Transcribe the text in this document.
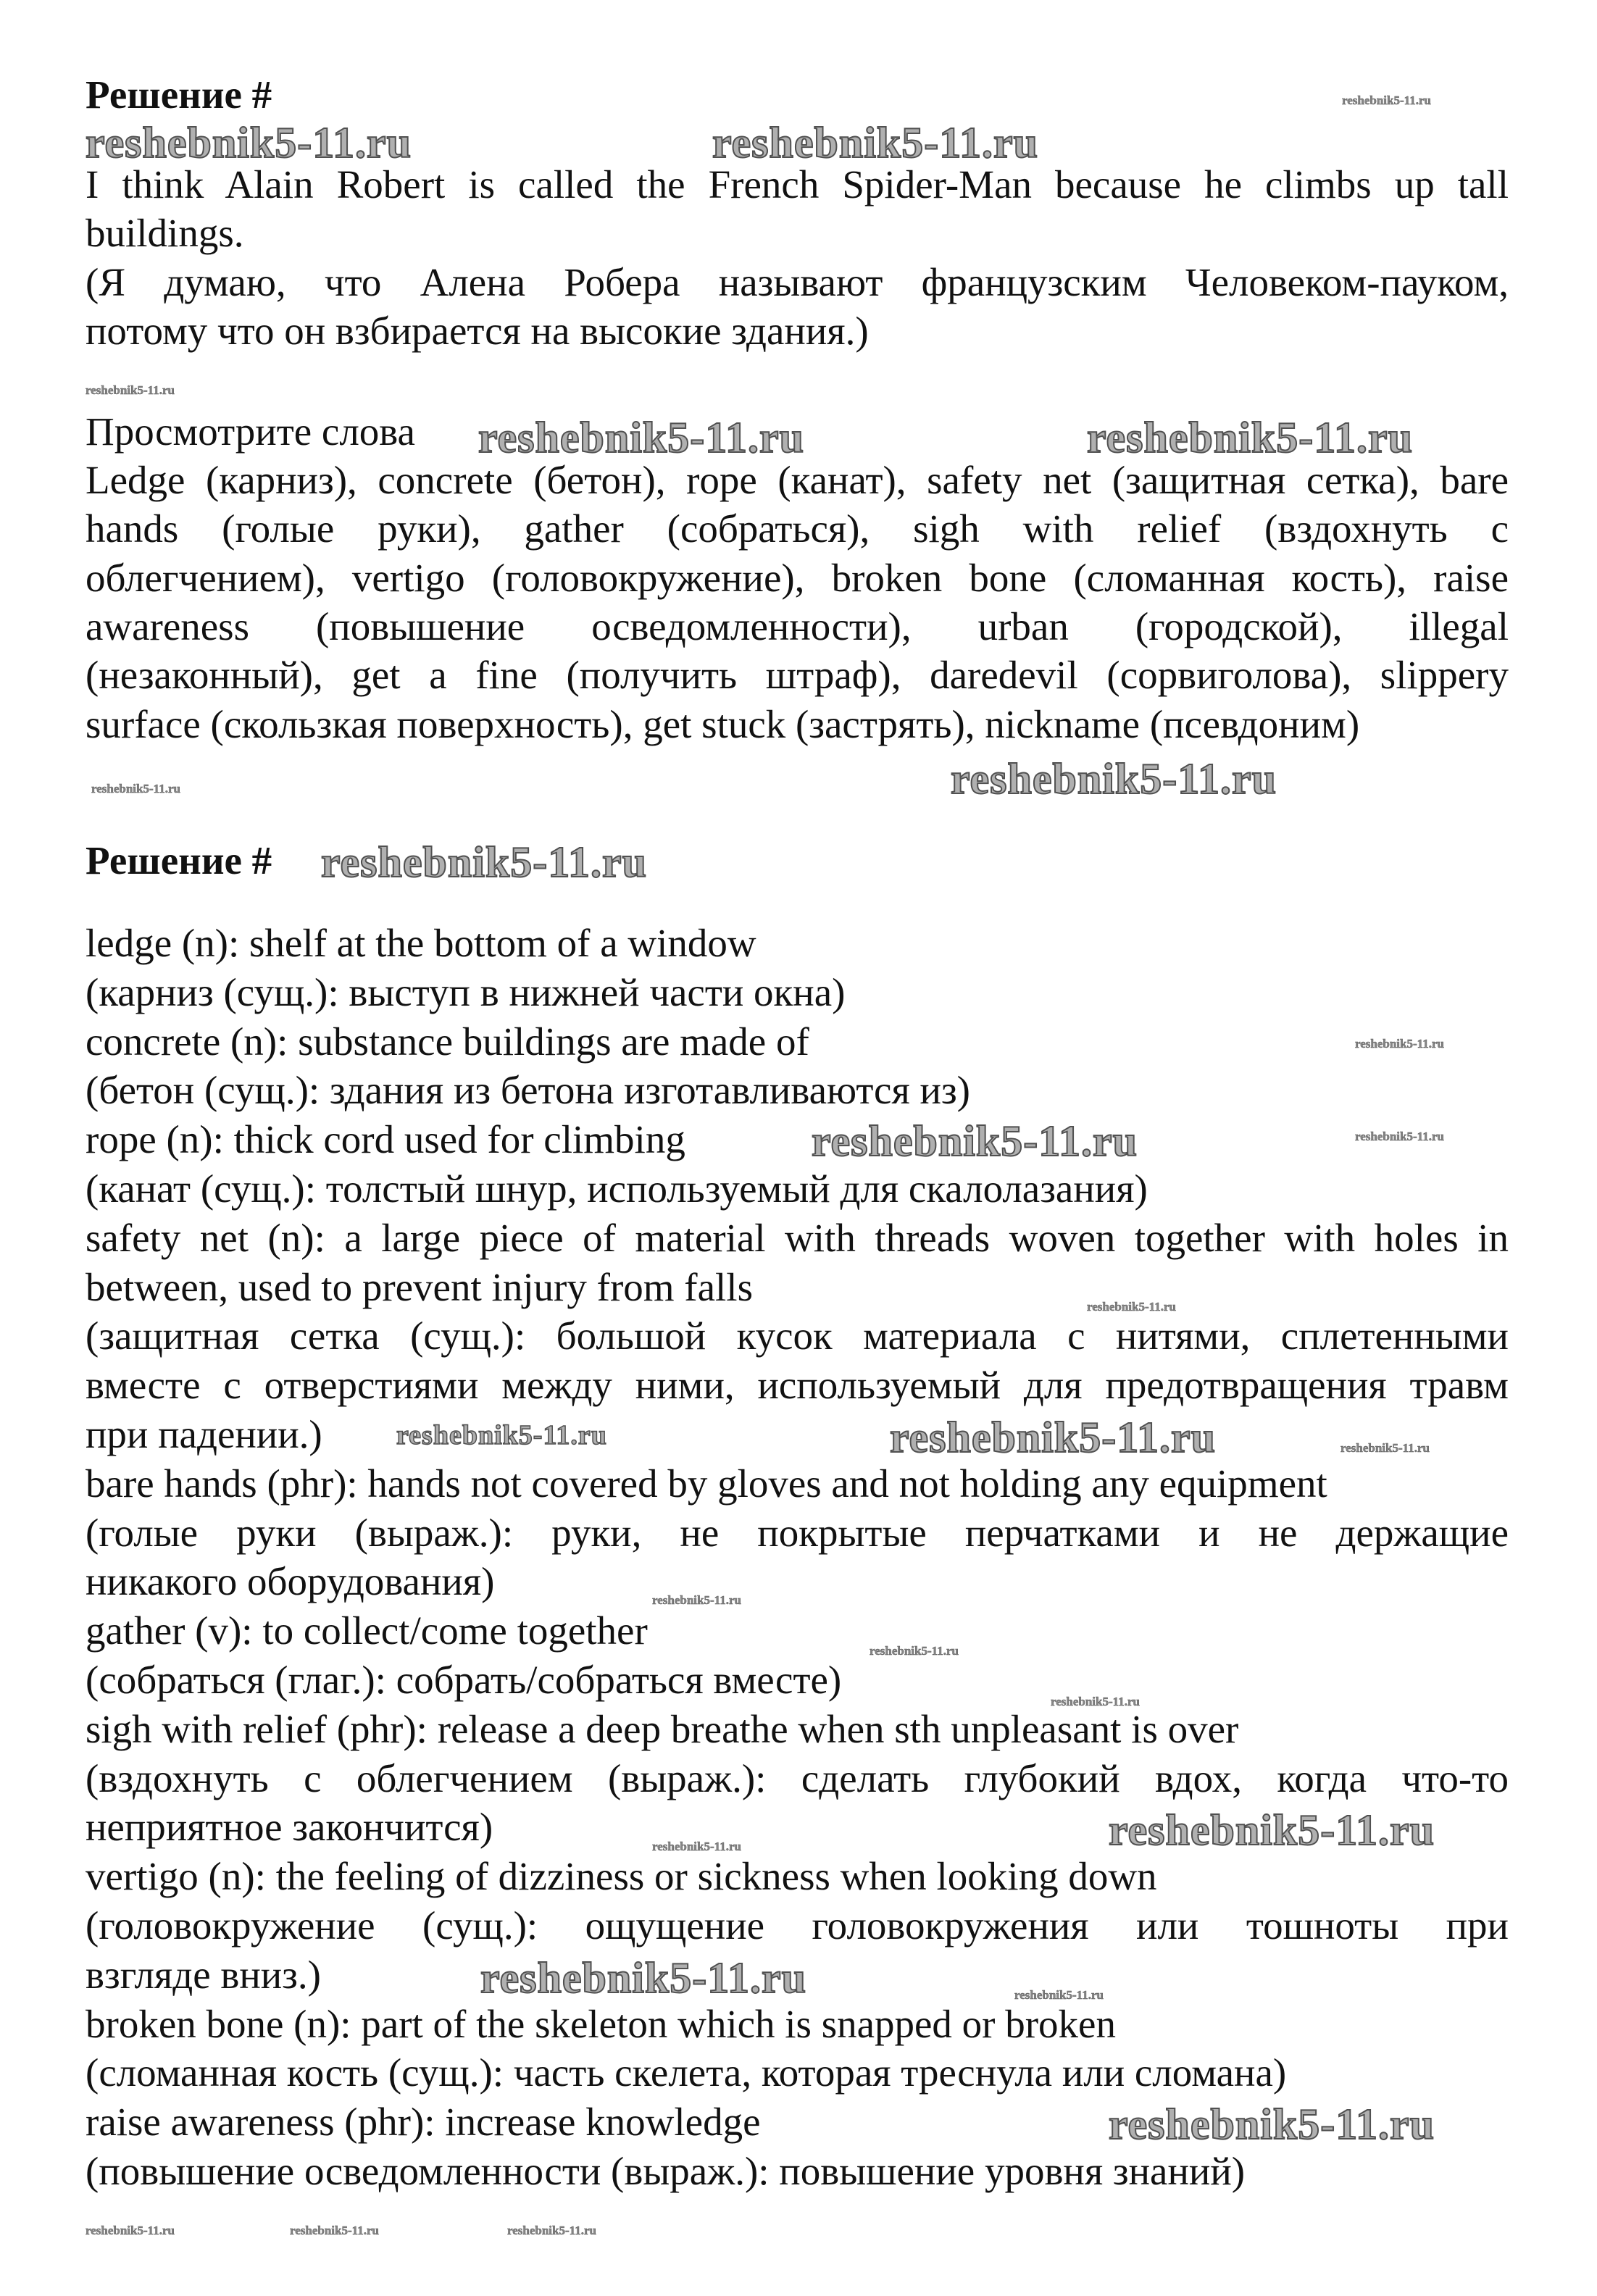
Решение #
I think Alain Robert is called the French Spider-Man because he climbs up tall
buildings.
(Я думаю, что Алена Робера называют французским Человеком-пауком,
потому что он взбирается на высокие здания.)
Просмотрите слова
Ledge (карниз), concrete (бетон), rope (канат), safety net (защитная сетка), bare
hands (голые руки), gather (собраться), sigh with relief (вздохнуть с
облегчением), vertigo (головокружение), broken bone (сломанная кость), raise
awareness (повышение осведомленности), urban (городской), illegal
(незаконный), get a fine (получить штраф), daredevil (сорвиголова), slippery
surface (скользкая поверхность), get stuck (застрять), nickname (псевдоним)
Решение #
ledge (n): shelf at the bottom of a window
(карниз (сущ.): выступ в нижней части окна)
concrete (n): substance buildings are made of
(бетон (сущ.): здания из бетона изготавливаются из)
rope (n): thick cord used for climbing
(канат (сущ.): толстый шнур, используемый для скалолазания)
safety net (n): a large piece of material with threads woven together with holes in
between, used to prevent injury from falls
(защитная сетка (сущ.): большой кусок материала с нитями, сплетенными
вместе с отверстиями между ними, используемый для предотвращения травм
при падении.)
bare hands (phr): hands not covered by gloves and not holding any equipment
(голые руки (выраж.): руки, не покрытые перчатками и не держащие
никакого оборудования)
gather (v): to collect/come together
(собраться (глаг.): собрать/собраться вместе)
sigh with relief (phr): release a deep breathe when sth unpleasant is over
(вздохнуть с облегчением (выраж.): сделать глубокий вдох, когда что-то
неприятное закончится)
vertigo (n): the feeling of dizziness or sickness when looking down
(головокружение (сущ.): ощущение головокружения или тошноты при
взгляде вниз.)
broken bone (n): part of the skeleton which is snapped or broken
(сломанная кость (сущ.): часть скелета, которая треснула или сломана)
raise awareness (phr): increase knowledge
(повышение осведомленности (выраж.): повышение уровня знаний)
reshebnik5-11.ru	reshebnik5-11.ru
reshebnik5-11.ru
reshebnik5-11.ru
reshebnik5-11.ru	reshebnik5-11.ru
reshebnik5-11.ru	reshebnik5-11.ru
reshebnik5-11.ru
reshebnik5-11.ru
reshebnik5-11.ru
reshebnik5-11.ru
reshebnik5-11.ru
reshebnik5-11.ru
reshebnik5-11.ru
reshebnik5-11.ru
reshebnik5-11.ru
reshebnik5-11.ru	reshebnik5-11.ru
reshebnik5-11.ru
reshebnik5-11.ru
reshebnik5-11.ru
reshebnik5-11.ru
reshebnik5-11.ru
reshebnik5-11.ru
reshebnik5-11.ru
reshebnik5-11.ru
